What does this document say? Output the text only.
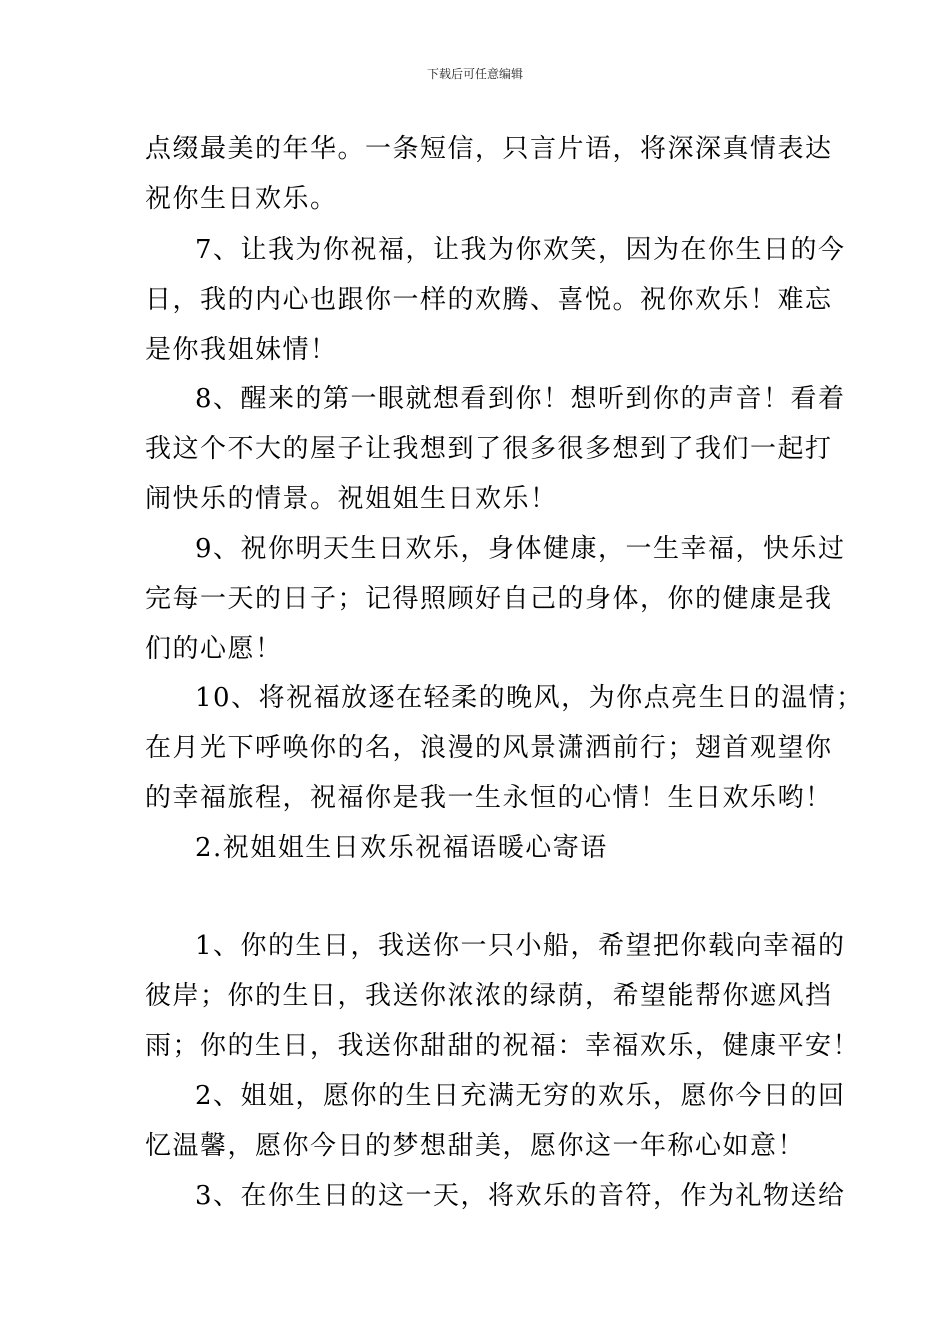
下载后可任意编辑
点缀最美的年华。一条短信，只言片语，将深深真情表达
祝你生日欢乐。
7、让我为你祝福，让我为你欢笑，因为在你生日的今
日，我的内心也跟你一样的欢腾、喜悦。祝你欢乐！难忘
是你我姐妹情！
8、醒来的第一眼就想看到你！想听到你的声音！看着
我这个不大的屋子让我想到了很多很多想到了我们一起打
闹快乐的情景。祝姐姐生日欢乐！
9、祝你明天生日欢乐，身体健康，一生幸福，快乐过
完每一天的日子；记得照顾好自己的身体，你的健康是我
们的心愿！
10、将祝福放逐在轻柔的晚风，为你点亮生日的温情；
在月光下呼唤你的名，浪漫的风景潇洒前行；翅首观望你
的幸福旅程，祝福你是我一生永恒的心情！生日欢乐哟！
2.祝姐姐生日欢乐祝福语暖心寄语
1、你的生日，我送你一只小船，希望把你载向幸福的
彼岸；你的生日，我送你浓浓的绿荫，希望能帮你遮风挡
雨；你的生日，我送你甜甜的祝福：幸福欢乐，健康平安！
2、姐姐，愿你的生日充满无穷的欢乐，愿你今日的回
忆温馨，愿你今日的梦想甜美，愿你这一年称心如意！
3、在你生日的这一天，将欢乐的音符，作为礼物送给
